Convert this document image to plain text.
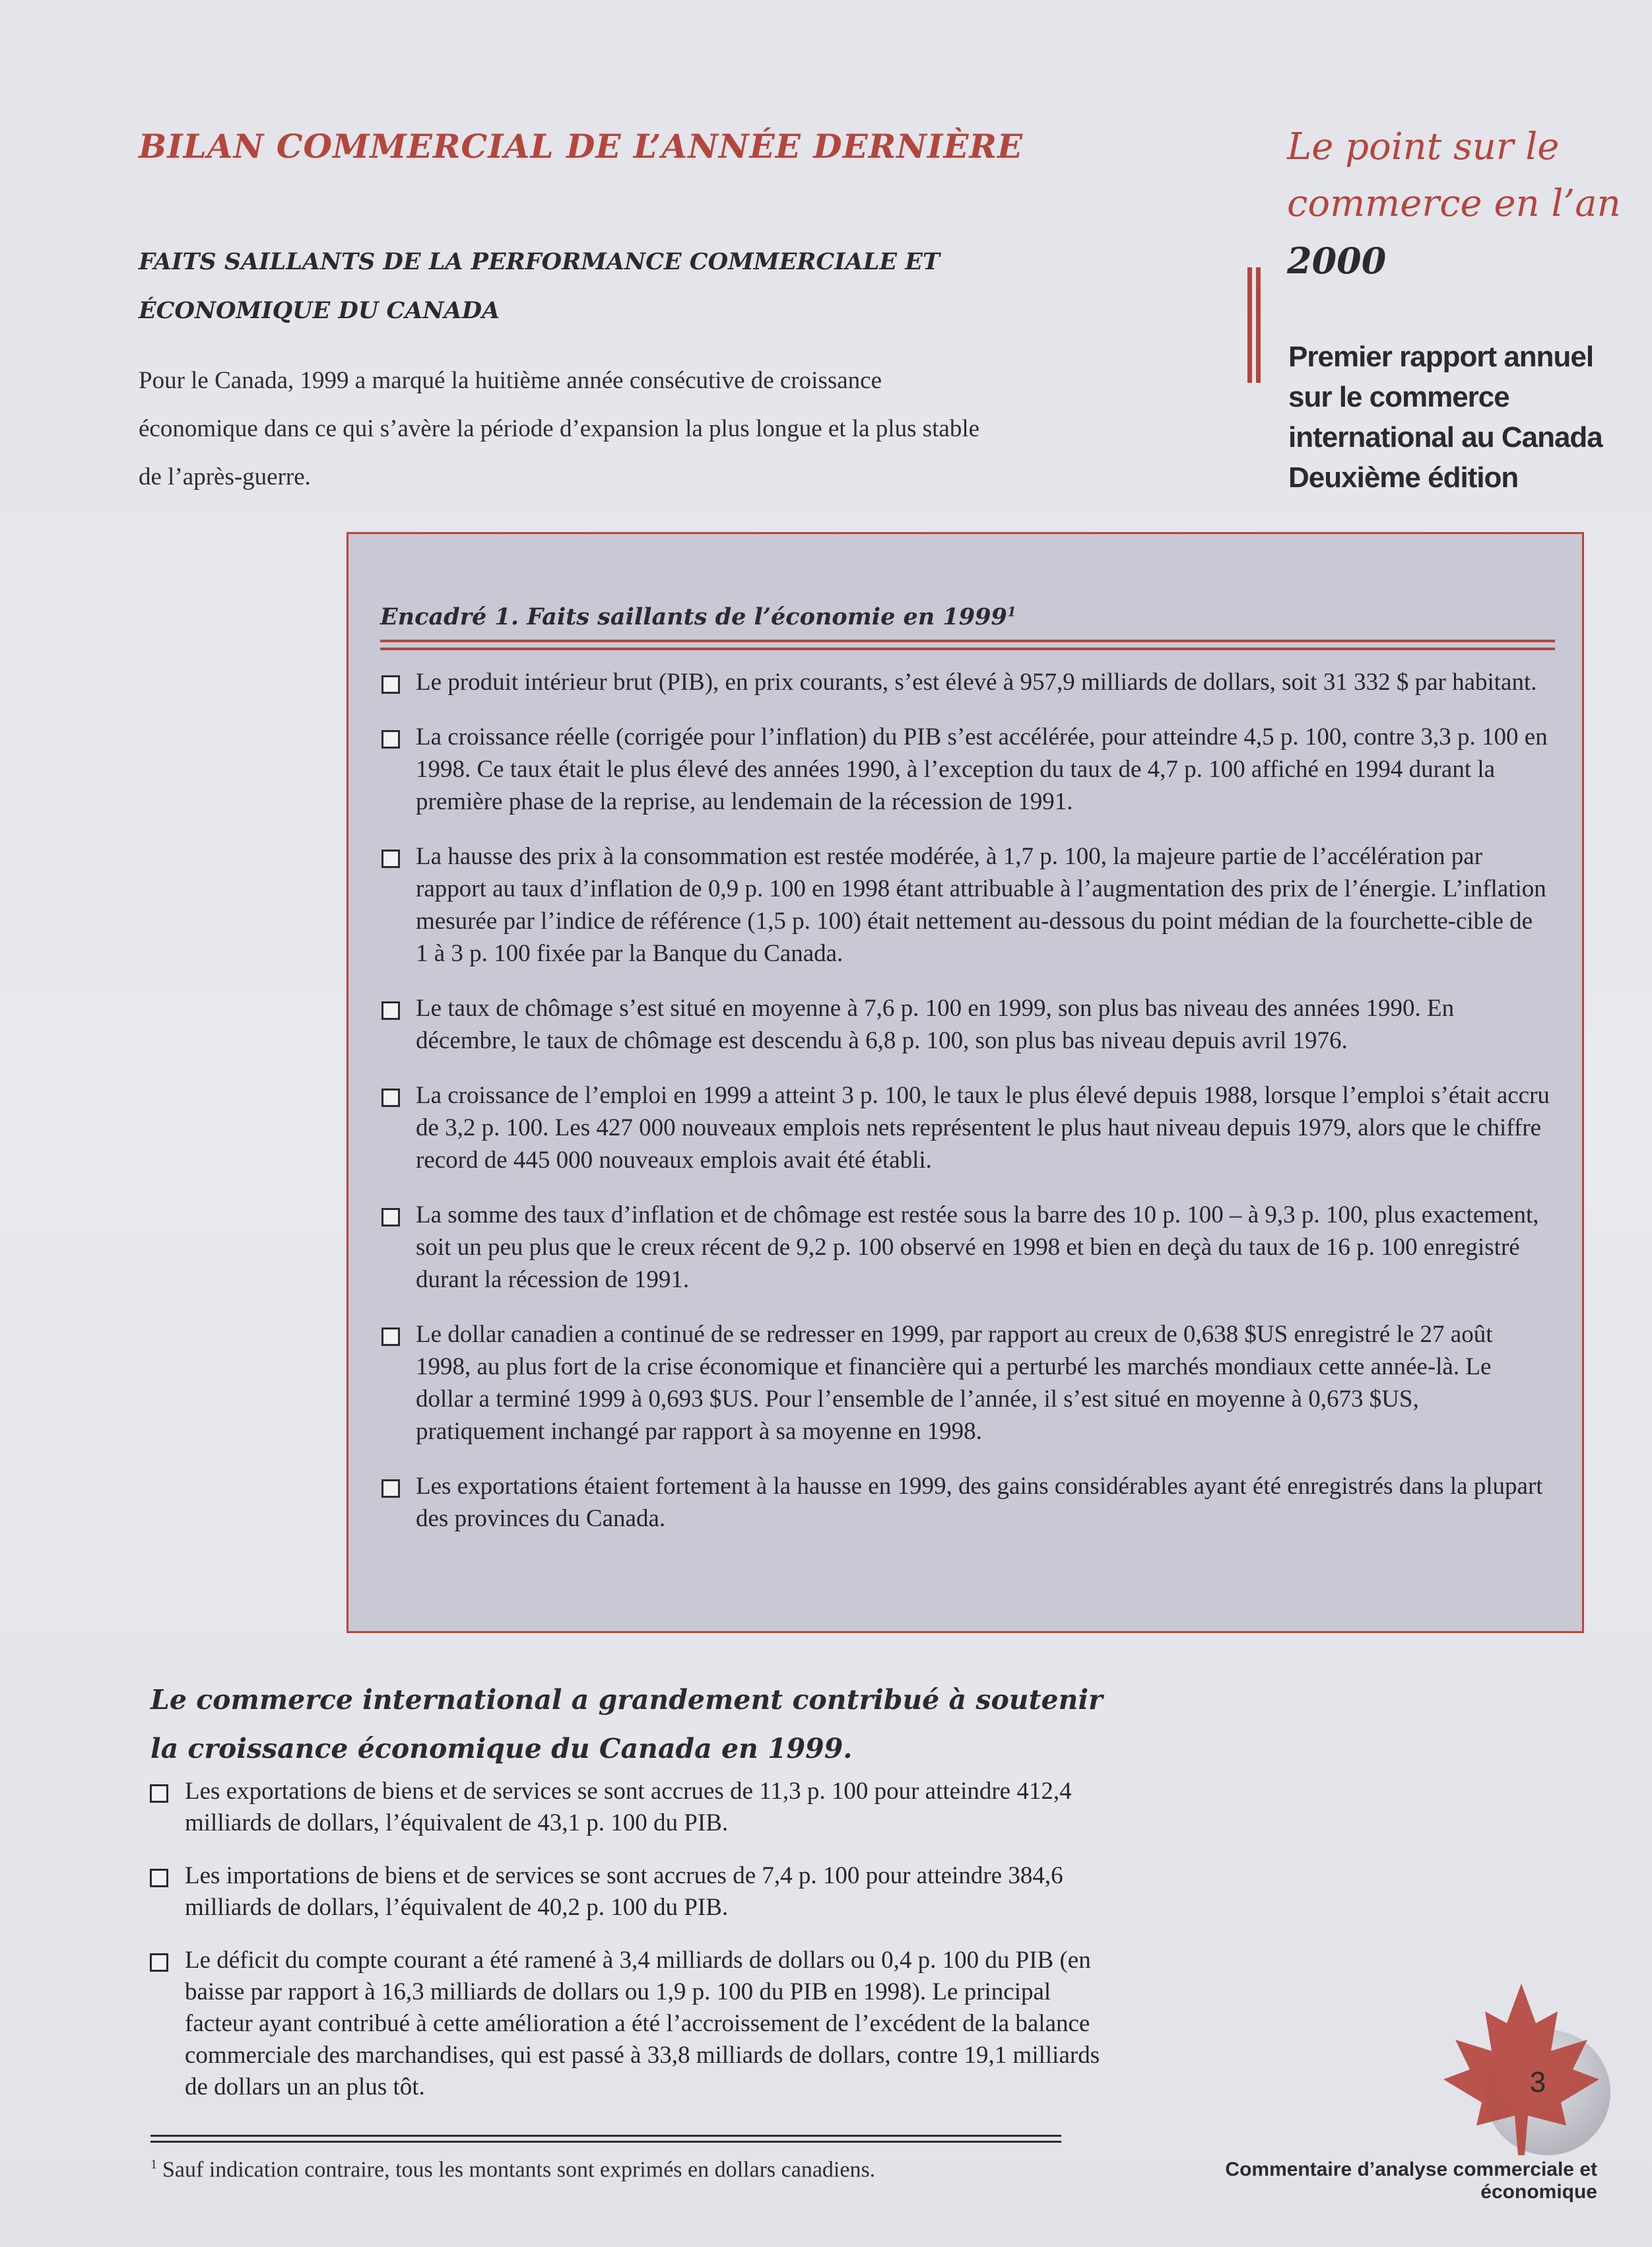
BILAN COMMERCIAL DE L’ANNÉE DERNIÈRE
FAITS SAILLANTS DE LA PERFORMANCE COMMERCIALE ET ÉCONOMIQUE DU CANADA

Pour le Canada, 1999 a marqué la huitième année consécutive de croissance économique dans ce qui s’avère la période d’expansion la plus longue et la plus stable de l’après-guerre.

Le point sur le
commerce en l’an
2000
Premier rapport annuel
sur le commerce
international au Canada
Deuxième édition
Encadré 1. Faits saillants de l’économie en 1999$^1$
Le produit intérieur brut (PIB), en prix courants, s’est élevé à 957,9 milliards de dollars, soit 31 332 $ par habitant.
La croissance réelle (corrigée pour l’inflation) du PIB s’est accélérée, pour atteindre 4,5 p. 100, contre 3,3 p. 100 en 1998. Ce taux était le plus élevé des années 1990, à l’exception du taux de 4,7 p. 100 affiché en 1994 durant la première phase de la reprise, au lendemain de la récession de 1991.
La hausse des prix à la consommation est restée modérée, à 1,7 p. 100, la majeure partie de l’accélération par rapport au taux d’inflation de 0,9 p. 100 en 1998 étant attribuable à l’augmentation des prix de l’énergie. L’inflation mesurée par l’indice de référence (1,5 p. 100) était nettement au-dessous du point médian de la fourchette-cible de 1 à 3 p. 100 fixée par la Banque du Canada.
Le taux de chômage s’est situé en moyenne à 7,6 p. 100 en 1999, son plus bas niveau des années 1990. En décembre, le taux de chômage est descendu à 6,8 p. 100, son plus bas niveau depuis avril 1976.
La croissance de l’emploi en 1999 a atteint 3 p. 100, le taux le plus élevé depuis 1988, lorsque l’emploi s’était accru de 3,2 p. 100. Les 427 000 nouveaux emplois nets représentent le plus haut niveau depuis 1979, alors que le chiffre record de 445 000 nouveaux emplois avait été établi.
La somme des taux d’inflation et de chômage est restée sous la barre des 10 p. 100 – à 9,3 p. 100, plus exactement, soit un peu plus que le creux récent de 9,2 p. 100 observé en 1998 et bien en deçà du taux de 16 p. 100 enregistré durant la récession de 1991.
Le dollar canadien a continué de se redresser en 1999, par rapport au creux de 0,638 $US enregistré le 27 août 1998, au plus fort de la crise économique et financière qui a perturbé les marchés mondiaux cette année-là. Le dollar a terminé 1999 à 0,693 $US. Pour l’ensemble de l’année, il s’est situé en moyenne à 0,673 $US, pratiquement inchangé par rapport à sa moyenne en 1998.
Les exportations étaient fortement à la hausse en 1999, des gains considérables ayant été enregistrés dans la plupart des provinces du Canada.
Le commerce international a grandement contribué à soutenir la croissance économique du Canada en 1999.
Les exportations de biens et de services se sont accrues de 11,3 p. 100 pour atteindre 412,4 milliards de dollars, l’équivalent de 43,1 p. 100 du PIB.
Les importations de biens et de services se sont accrues de 7,4 p. 100 pour atteindre 384,6 milliards de dollars, l’équivalent de 40,2 p. 100 du PIB.
Le déficit du compte courant a été ramené à 3,4 milliards de dollars ou 0,4 p. 100 du PIB (en baisse par rapport à 16,3 milliards de dollars ou 1,9 p. 100 du PIB en 1998). Le principal facteur ayant contribué à cette amélioration a été l’accroissement de l’excédent de la balance commerciale des marchandises, qui est passé à 33,8 milliards de dollars, contre 19,1 milliards de dollars un an plus tôt.

$^1$ Sauf indication contraire, tous les montants sont exprimés en dollars canadiens.

3

Commentaire d’analyse commerciale et économique
